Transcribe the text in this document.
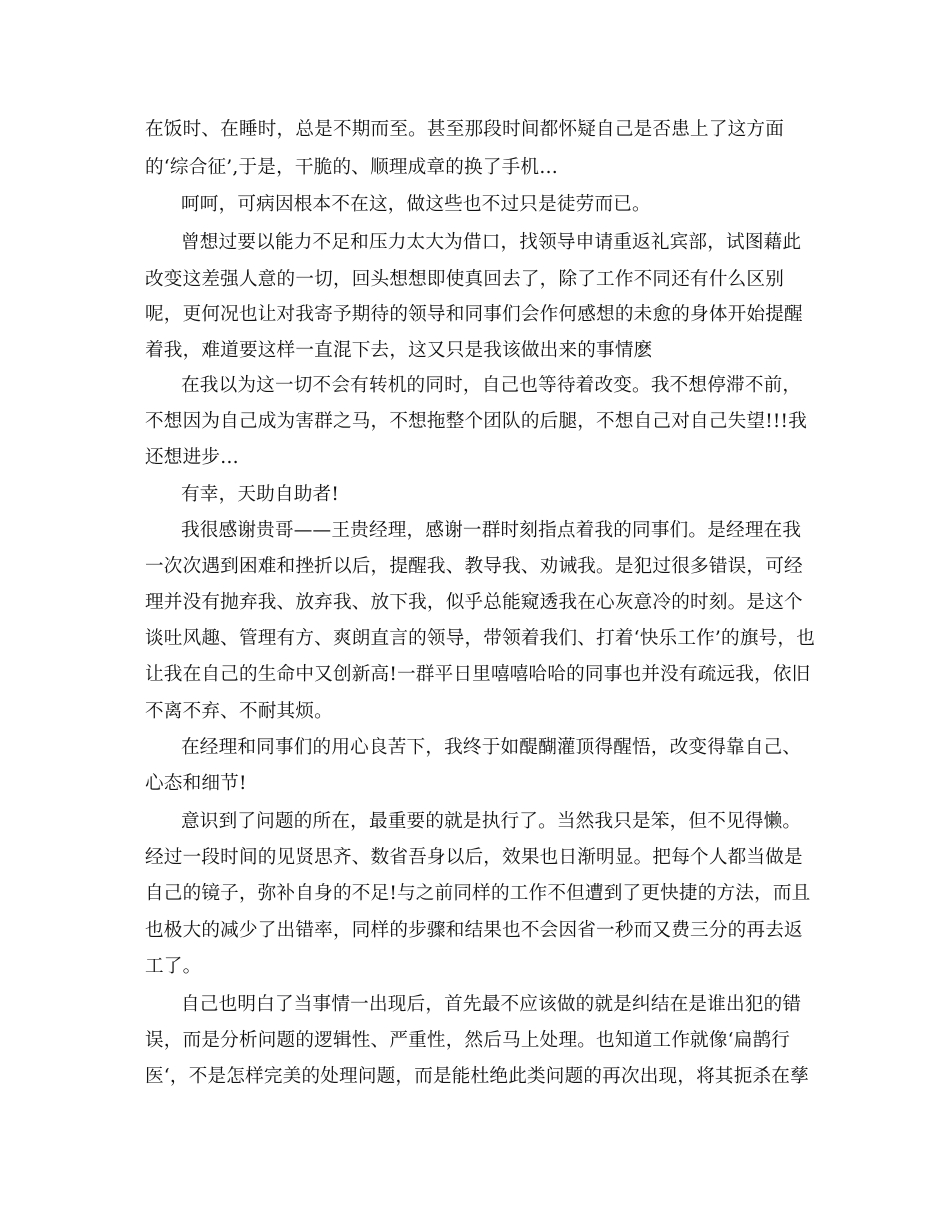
在饭时、在睡时，总是不期而至。甚至那段时间都怀疑自己是否患上了这方面
的‘综合征’,于是，干脆的、顺理成章的换了手机…
呵呵，可病因根本不在这，做这些也不过只是徒劳而已。
曾想过要以能力不足和压力太大为借口，找领导申请重返礼宾部，试图藉此
改变这差强人意的一切，回头想想即使真回去了，除了工作不同还有什么区别
呢，更何况也让对我寄予期待的领导和同事们会作何感想的未愈的身体开始提醒
着我，难道要这样一直混下去，这又只是我该做出来的事情麽
在我以为这一切不会有转机的同时，自己也等待着改变。我不想停滞不前，
不想因为自己成为害群之马，不想拖整个团队的后腿，不想自己对自己失望!!!我
还想进步…
有幸，天助自助者!
我很感谢贵哥——王贵经理，感谢一群时刻指点着我的同事们。是经理在我
一次次遇到困难和挫折以后，提醒我、教导我、劝诫我。是犯过很多错误，可经
理并没有抛弃我、放弃我、放下我，似乎总能窥透我在心灰意冷的时刻。是这个
谈吐风趣、管理有方、爽朗直言的领导，带领着我们、打着‘快乐工作’的旗号，也
让我在自己的生命中又创新高!一群平日里嘻嘻哈哈的同事也并没有疏远我，依旧
不离不弃、不耐其烦。
在经理和同事们的用心良苦下，我终于如醍醐灌顶得醒悟，改变得靠自己、
心态和细节!
意识到了问题的所在，最重要的就是执行了。当然我只是笨，但不见得懒。
经过一段时间的见贤思齐、数省吾身以后，效果也日渐明显。把每个人都当做是
自己的镜子，弥补自身的不足!与之前同样的工作不但遭到了更快捷的方法，而且
也极大的减少了出错率，同样的步骤和结果也不会因省一秒而又费三分的再去返
工了。
自己也明白了当事情一出现后，首先最不应该做的就是纠结在是谁出犯的错
误，而是分析问题的逻辑性、严重性，然后马上处理。也知道工作就像‘扁鹊行
医‘，不是怎样完美的处理问题，而是能杜绝此类问题的再次出现，将其扼杀在孳
